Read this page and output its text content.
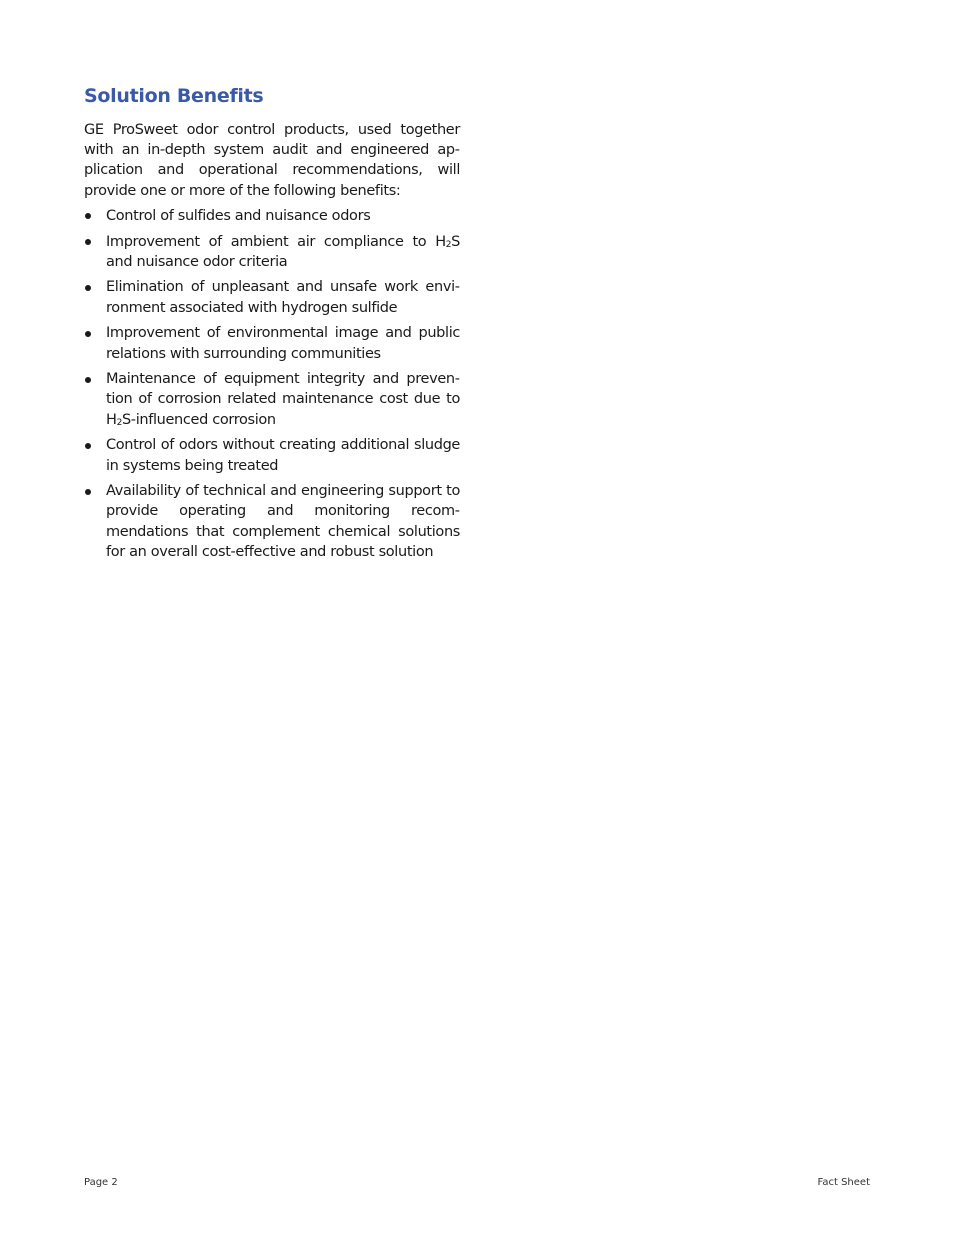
Solution Benefits

GE ProSweet odor control products, used together with an in-depth system audit and engineered application and operational recommendations, will provide one or more of the following benefits:

Control of sulfides and nuisance odors
Improvement of ambient air compliance to $H_2S$ and nuisance odor criteria
Elimination of unpleasant and unsafe work environment associated with hydrogen sulfide
Improvement of environmental image and public relations with surrounding communities
Maintenance of equipment integrity and prevention of corrosion related maintenance cost due to $H_2S$-influenced corrosion
Control of odors without creating additional sludge in systems being treated
Availability of technical and engineering support to provide operating and monitoring recommendations that complement chemical solutions for an overall cost-effective and robust solution
Page 2	Fact Sheet
